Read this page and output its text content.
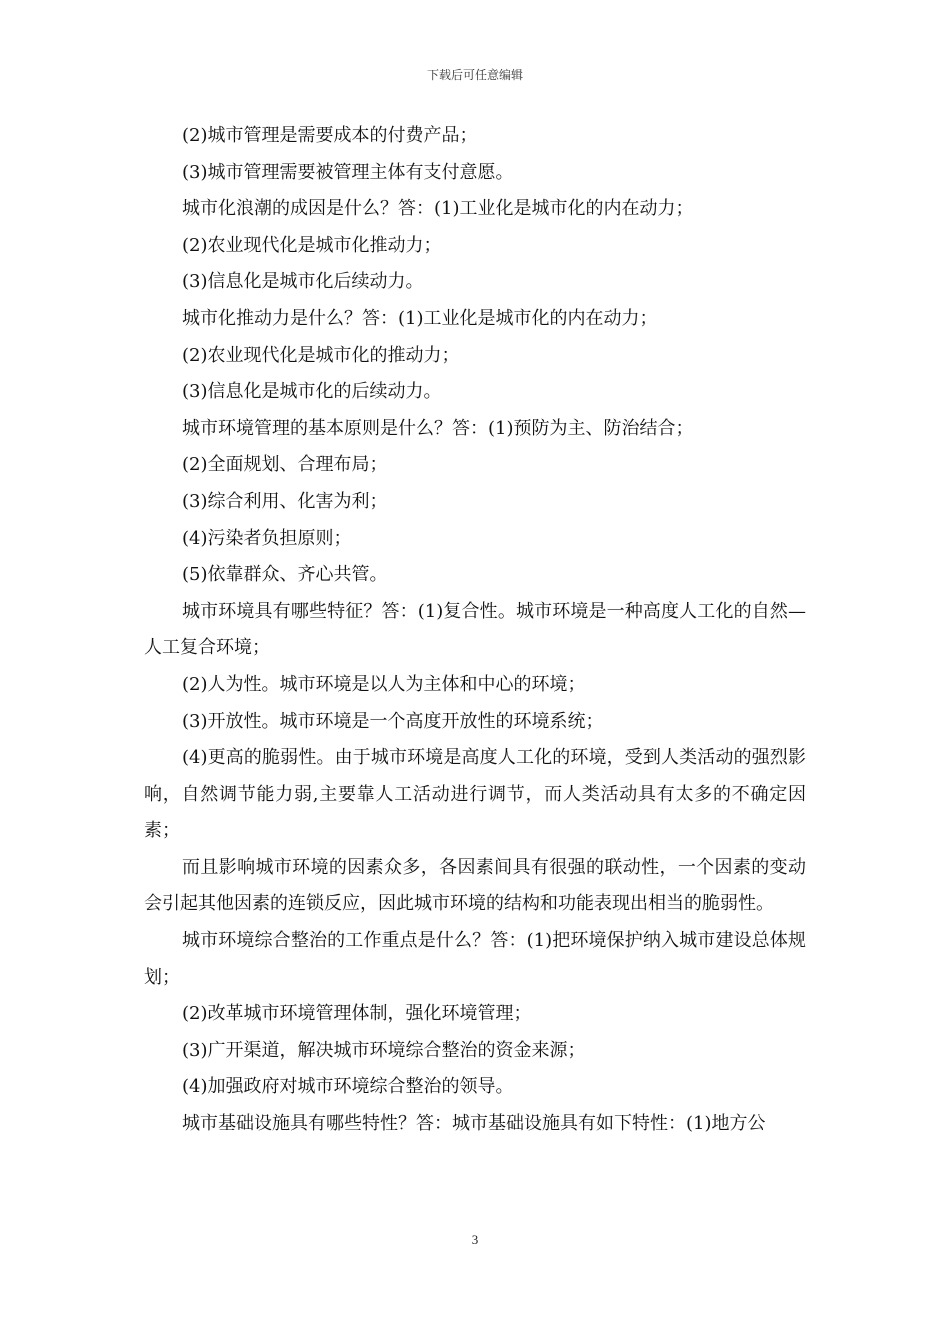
下载后可任意编辑

(2)城市管理是需要成本的付费产品；

(3)城市管理需要被管理主体有支付意愿。

城市化浪潮的成因是什么？答：(1)工业化是城市化的内在动力；

(2)农业现代化是城市化推动力；

(3)信息化是城市化后续动力。

城市化推动力是什么？答：(1)工业化是城市化的内在动力；

(2)农业现代化是城市化的推动力；

(3)信息化是城市化的后续动力。

城市环境管理的基本原则是什么？答：(1)预防为主、防治结合；

(2)全面规划、合理布局；

(3)综合利用、化害为利；

(4)污染者负担原则；

(5)依靠群众、齐心共管。

城市环境具有哪些特征？答：(1)复合性。城市环境是一种高度人工化的自然—人工复合环境；

(2)人为性。城市环境是以人为主体和中心的环境；

(3)开放性。城市环境是一个高度开放性的环境系统；

(4)更高的脆弱性。由于城市环境是高度人工化的环境，受到人类活动的强烈影响，自然调节能力弱,主要靠人工活动进行调节，而人类活动具有太多的不确定因素；

而且影响城市环境的因素众多，各因素间具有很强的联动性，一个因素的变动会引起其他因素的连锁反应，因此城市环境的结构和功能表现出相当的脆弱性。

城市环境综合整治的工作重点是什么？答：(1)把环境保护纳入城市建设总体规划；

(2)改革城市环境管理体制，强化环境管理；

(3)广开渠道，解决城市环境综合整治的资金来源；

(4)加强政府对城市环境综合整治的领导。

城市基础设施具有哪些特性？答：城市基础设施具有如下特性：(1)地方公

3
